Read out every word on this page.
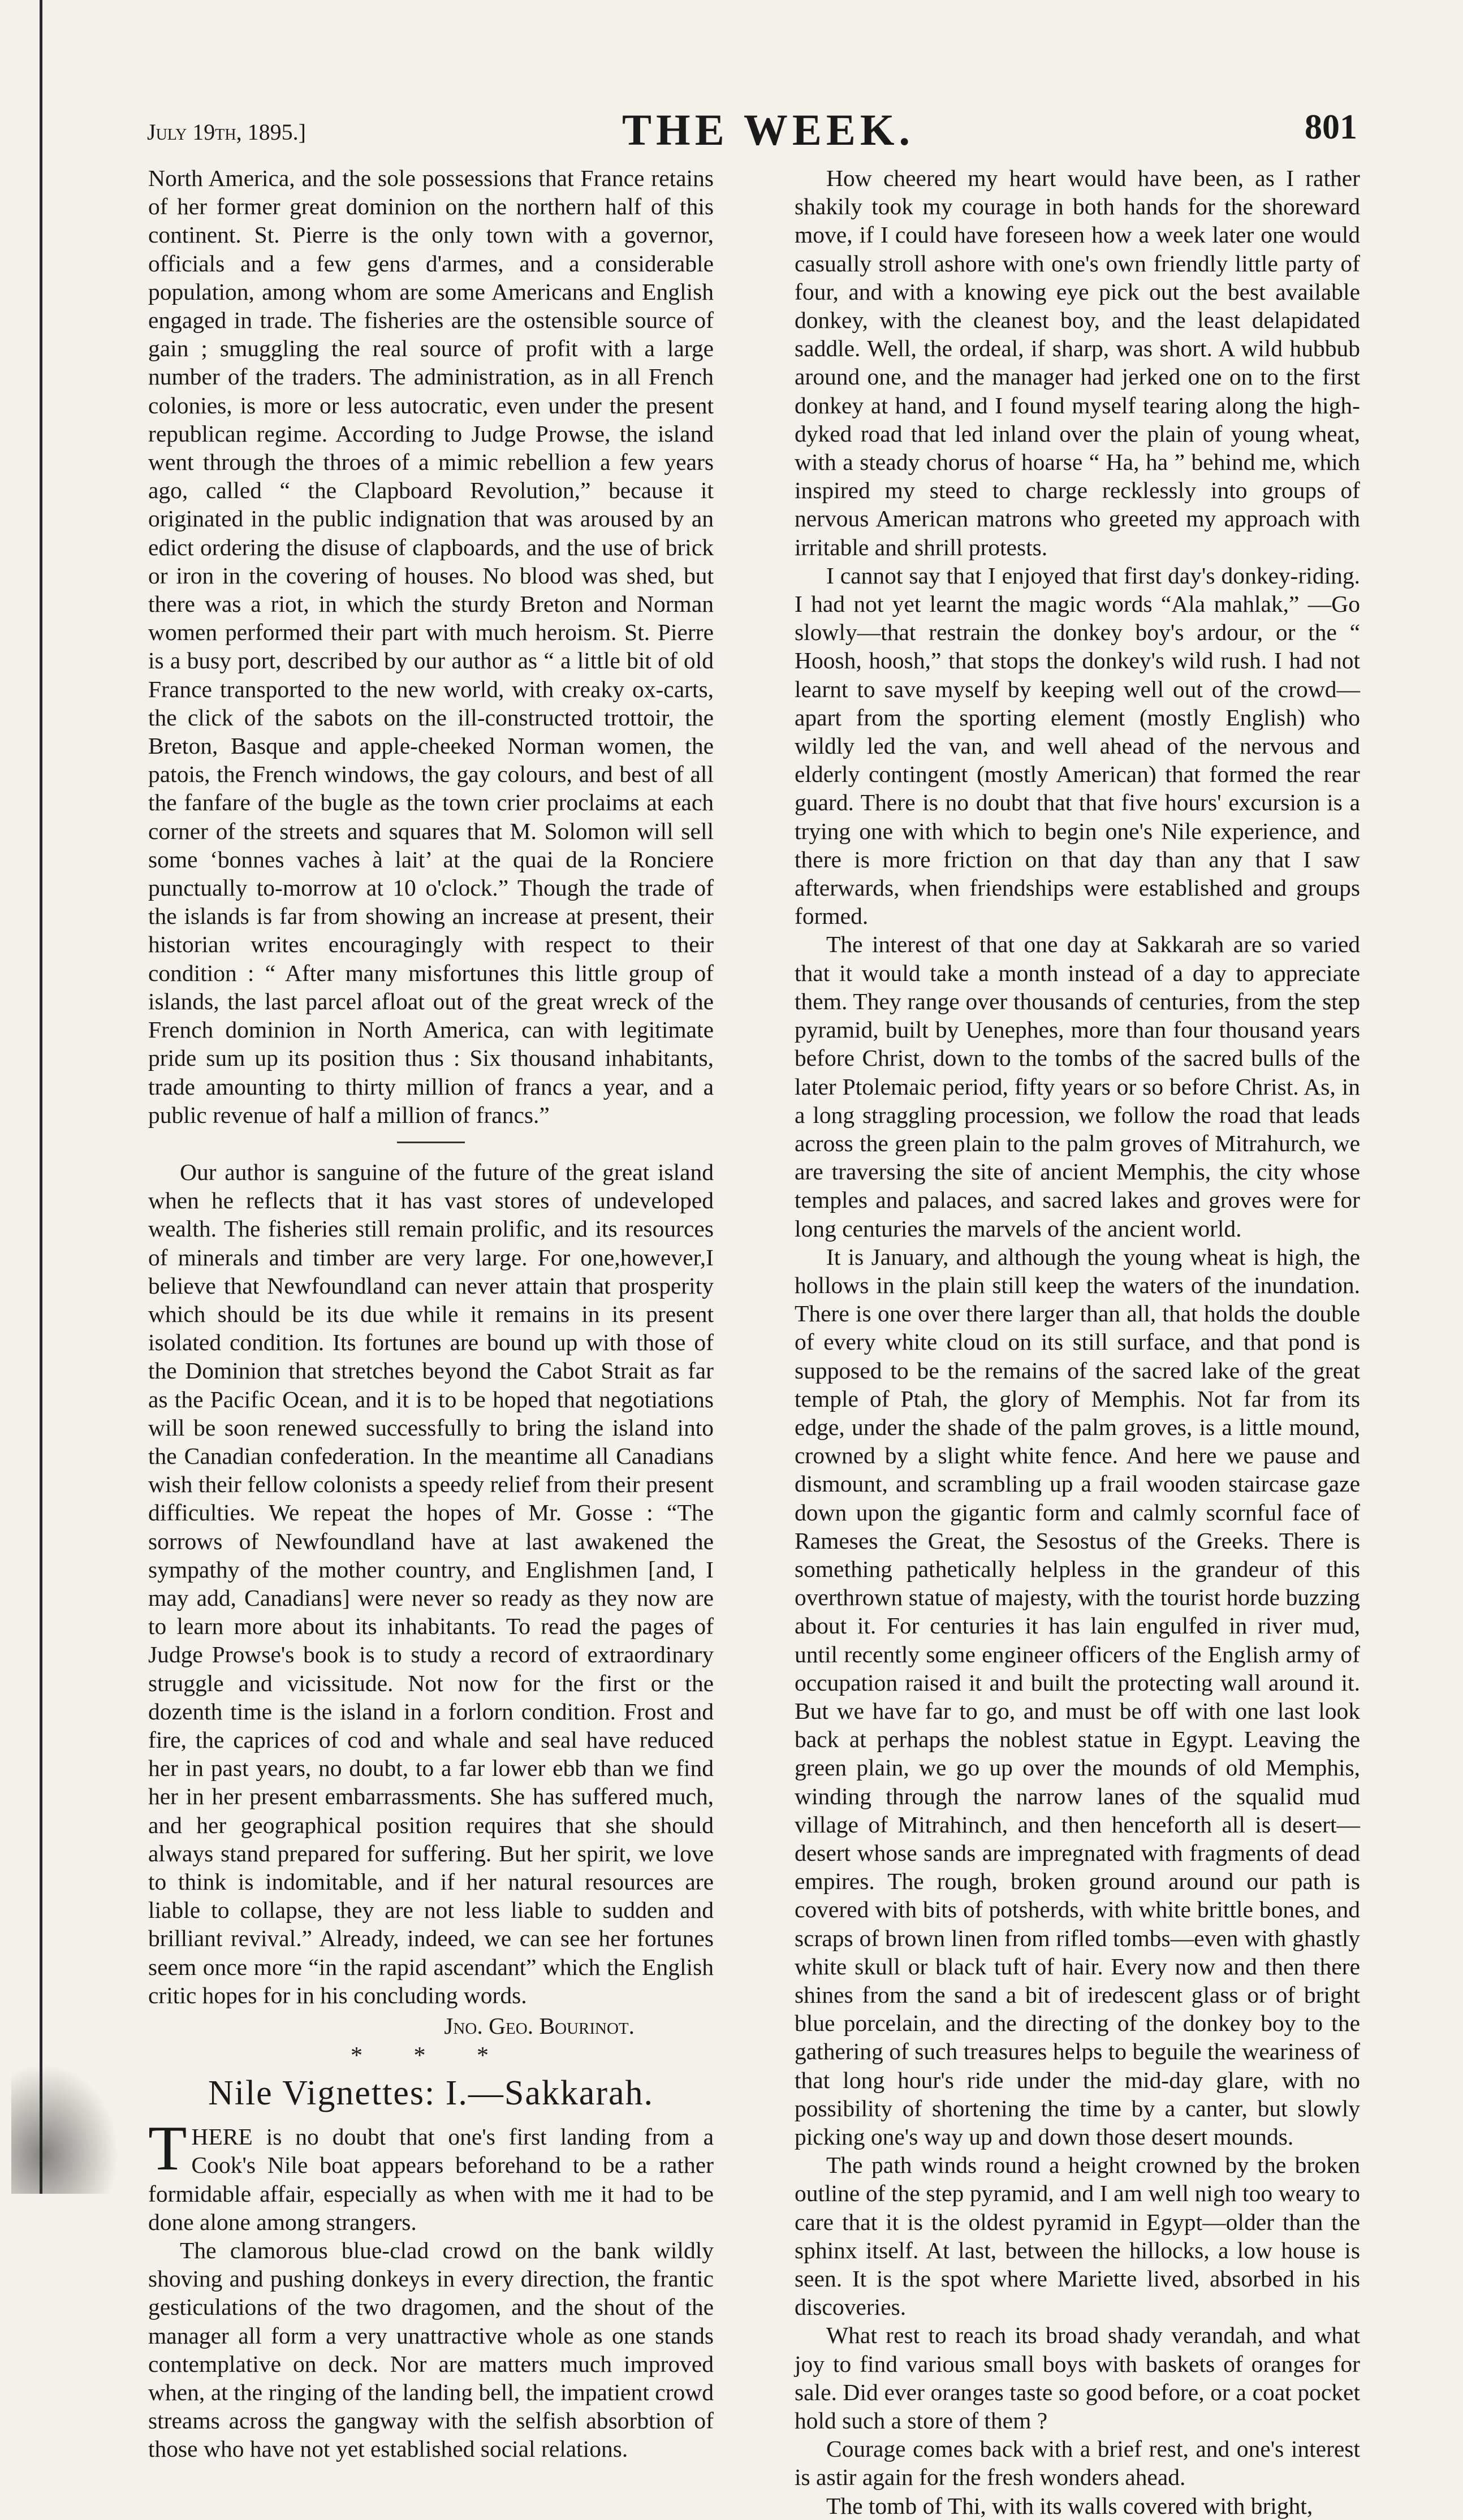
July 19th, 1895.]	THE WEEK.	801

North America, and the sole possessions that France retains of her former great dominion on the northern half of this continent. St. Pierre is the only town with a governor, officials and a few gens d'armes, and a considerable population, among whom are some Americans and English engaged in trade. The fisheries are the ostensible source of gain ; smuggling the real source of profit with a large number of the traders. The administration, as in all French colonies, is more or less autocratic, even under the present republican regime. According to Judge Prowse, the island went through the throes of a mimic rebellion a few years ago, called “ the Clapboard Revolution,” because it originated in the public indignation that was aroused by an edict ordering the disuse of clapboards, and the use of brick or iron in the covering of houses. No blood was shed, but there was a riot, in which the sturdy Breton and Norman women performed their part with much heroism. St. Pierre is a busy port, described by our author as “ a little bit of old France transported to the new world, with creaky ox-carts, the click of the sabots on the ill-constructed trottoir, the Breton, Basque and apple-cheeked Norman women, the patois, the French windows, the gay colours, and best of all the fanfare of the bugle as the town crier proclaims at each corner of the streets and squares that M. Solomon will sell some ‘bonnes vaches à lait’ at the quai de la Ronciere punctually to-morrow at 10 o'clock.” Though the trade of the islands is far from showing an increase at present, their historian writes encouragingly with respect to their condition : “ After many misfortunes this little group of islands, the last parcel afloat out of the great wreck of the French dominion in North America, can with legitimate pride sum up its position thus : Six thousand inhabitants, trade amounting to thirty million of francs a year, and a public revenue of half a million of francs.”

Our author is sanguine of the future of the great island when he reflects that it has vast stores of undeveloped wealth. The fisheries still remain prolific, and its resources of minerals and timber are very large. For one,however,I believe that Newfoundland can never attain that prosperity which should be its due while it remains in its present isolated condition. Its fortunes are bound up with those of the Dominion that stretches beyond the Cabot Strait as far as the Pacific Ocean, and it is to be hoped that negotiations will be soon renewed successfully to bring the island into the Canadian confederation. In the meantime all Canadians wish their fellow colonists a speedy relief from their present difficulties. We repeat the hopes of Mr. Gosse : “The sorrows of Newfoundland have at last awakened the sympathy of the mother country, and Englishmen [and, I may add, Canadians] were never so ready as they now are to learn more about its inhabitants. To read the pages of Judge Prowse's book is to study a record of extraordinary struggle and vicissitude. Not now for the first or the dozenth time is the island in a forlorn condition. Frost and fire, the caprices of cod and whale and seal have reduced her in past years, no doubt, to a far lower ebb than we find her in her present embarrassments. She has suffered much, and her geographical position requires that she should always stand prepared for suffering. But her spirit, we love to think is indomitable, and if her natural resources are liable to collapse, they are not less liable to sudden and brilliant revival.” Already, indeed, we can see her fortunes seem once more “in the rapid ascendant” which the English critic hopes for in his concluding words.

Jno. Geo. Bourinot.
* * *
Nile Vignettes: I.—Sakkarah.

THERE is no doubt that one's first landing from a Cook's Nile boat appears beforehand to be a rather formidable affair, especially as when with me it had to be done alone among strangers.

The clamorous blue-clad crowd on the bank wildly shoving and pushing donkeys in every direction, the frantic gesticulations of the two dragomen, and the shout of the manager all form a very unattractive whole as one stands contemplative on deck. Nor are matters much improved when, at the ringing of the landing bell, the impatient crowd streams across the gangway with the selfish absorbtion of those who have not yet established social relations.

How cheered my heart would have been, as I rather shakily took my courage in both hands for the shoreward move, if I could have foreseen how a week later one would casually stroll ashore with one's own friendly little party of four, and with a knowing eye pick out the best available donkey, with the cleanest boy, and the least delapidated saddle. Well, the ordeal, if sharp, was short. A wild hubbub around one, and the manager had jerked one on to the first donkey at hand, and I found myself tearing along the high-dyked road that led inland over the plain of young wheat, with a steady chorus of hoarse “ Ha, ha ” behind me, which inspired my steed to charge recklessly into groups of nervous American matrons who greeted my approach with irritable and shrill protests.

I cannot say that I enjoyed that first day's donkey-riding. I had not yet learnt the magic words “Ala mahlak,” —Go slowly—that restrain the donkey boy's ardour, or the “ Hoosh, hoosh,” that stops the donkey's wild rush. I had not learnt to save myself by keeping well out of the crowd—apart from the sporting element (mostly English) who wildly led the van, and well ahead of the nervous and elderly contingent (mostly American) that formed the rear guard. There is no doubt that that five hours' excursion is a trying one with which to begin one's Nile experience, and there is more friction on that day than any that I saw afterwards, when friendships were established and groups formed.

The interest of that one day at Sakkarah are so varied that it would take a month instead of a day to appreciate them. They range over thousands of centuries, from the step pyramid, built by Uenephes, more than four thousand years before Christ, down to the tombs of the sacred bulls of the later Ptolemaic period, fifty years or so before Christ. As, in a long straggling procession, we follow the road that leads across the green plain to the palm groves of Mitrahurch, we are traversing the site of ancient Memphis, the city whose temples and palaces, and sacred lakes and groves were for long centuries the marvels of the ancient world.

It is January, and although the young wheat is high, the hollows in the plain still keep the waters of the inundation. There is one over there larger than all, that holds the double of every white cloud on its still surface, and that pond is supposed to be the remains of the sacred lake of the great temple of Ptah, the glory of Memphis. Not far from its edge, under the shade of the palm groves, is a little mound, crowned by a slight white fence. And here we pause and dismount, and scrambling up a frail wooden staircase gaze down upon the gigantic form and calmly scornful face of Rameses the Great, the Sesostus of the Greeks. There is something pathetically helpless in the grandeur of this overthrown statue of majesty, with the tourist horde buzzing about it. For centuries it has lain engulfed in river mud, until recently some engineer officers of the English army of occupation raised it and built the protecting wall around it. But we have far to go, and must be off with one last look back at perhaps the noblest statue in Egypt. Leaving the green plain, we go up over the mounds of old Memphis, winding through the narrow lanes of the squalid mud village of Mitrahinch, and then henceforth all is desert—desert whose sands are impregnated with fragments of dead empires. The rough, broken ground around our path is covered with bits of potsherds, with white brittle bones, and scraps of brown linen from rifled tombs—even with ghastly white skull or black tuft of hair. Every now and then there shines from the sand a bit of iredescent glass or of bright blue porcelain, and the directing of the donkey boy to the gathering of such treasures helps to beguile the weariness of that long hour's ride under the mid-day glare, with no possibility of shortening the time by a canter, but slowly picking one's way up and down those desert mounds.

The path winds round a height crowned by the broken outline of the step pyramid, and I am well nigh too weary to care that it is the oldest pyramid in Egypt—older than the sphinx itself. At last, between the hillocks, a low house is seen. It is the spot where Mariette lived, absorbed in his discoveries.

What rest to reach its broad shady verandah, and what joy to find various small boys with baskets of oranges for sale. Did ever oranges taste so good before, or a coat pocket hold such a store of them ?

Courage comes back with a brief rest, and one's interest is astir again for the fresh wonders ahead.

The tomb of Thi, with its walls covered with bright,
